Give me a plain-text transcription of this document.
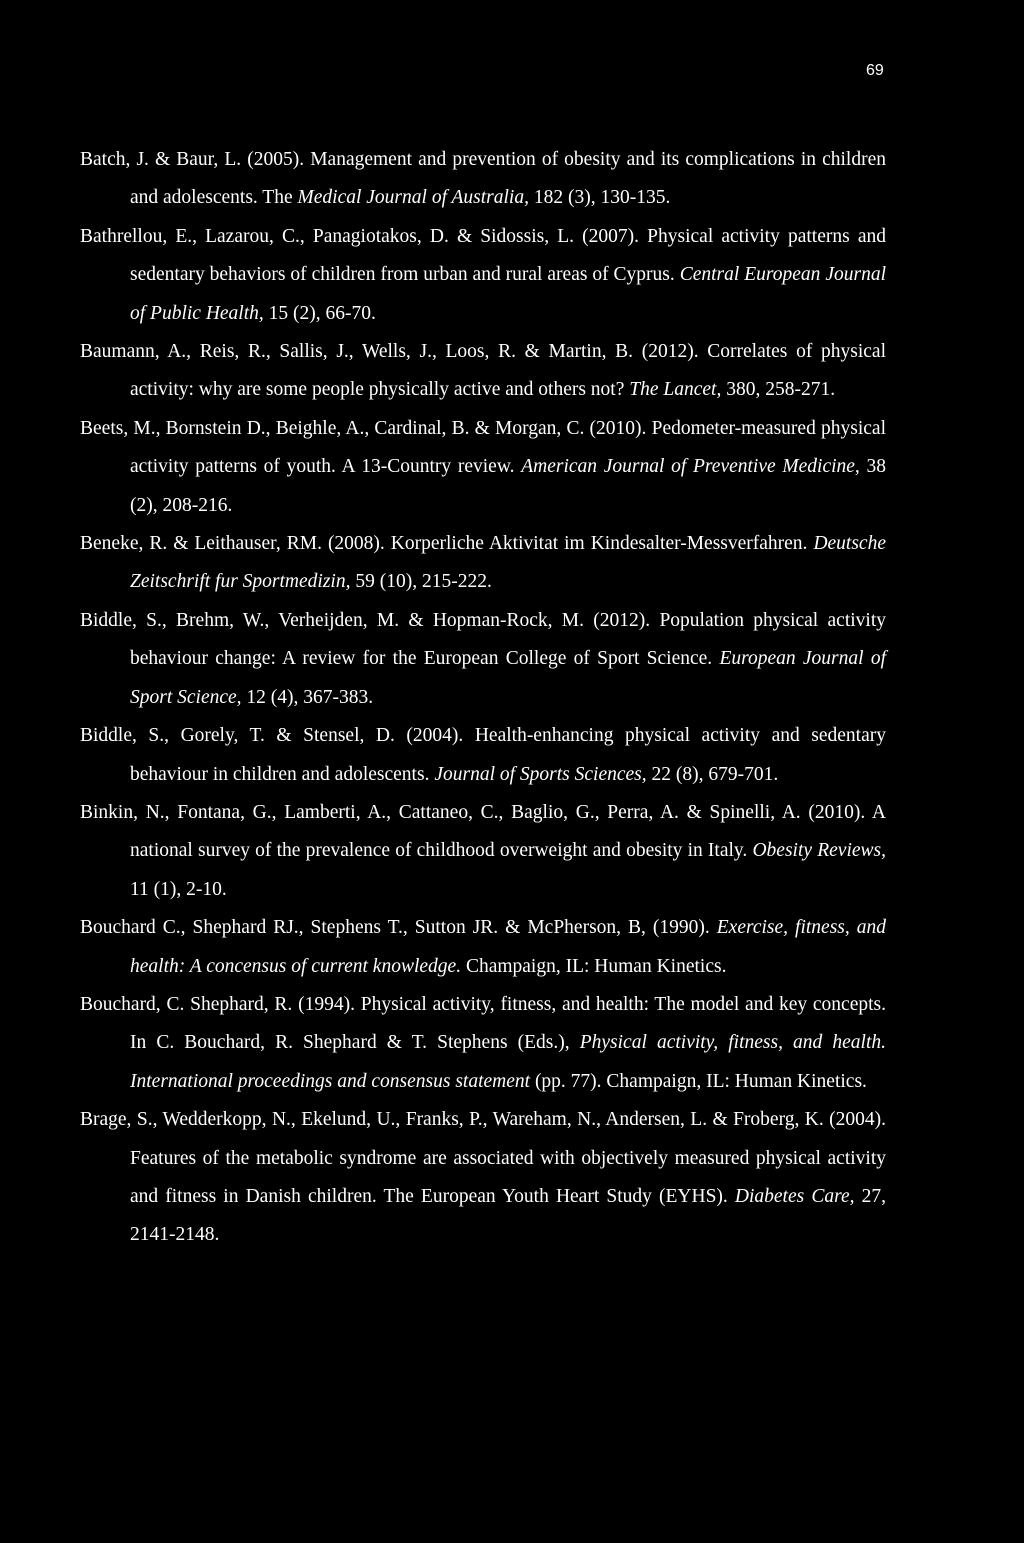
69

Batch, J. & Baur, L. (2005). Management and prevention of obesity and its complications in children and adolescents. The Medical Journal of Australia, 182 (3), 130-135.

Bathrellou, E., Lazarou, C., Panagiotakos, D. & Sidossis, L. (2007). Physical activity patterns and sedentary behaviors of children from urban and rural areas of Cyprus. Central European Journal of Public Health, 15 (2), 66-70.

Baumann, A., Reis, R., Sallis, J., Wells, J., Loos, R. & Martin, B. (2012). Correlates of physical activity: why are some people physically active and others not? The Lancet, 380, 258-271.

Beets, M., Bornstein D., Beighle, A., Cardinal, B. & Morgan, C. (2010). Pedometer-measured physical activity patterns of youth. A 13-Country review. American Journal of Preventive Medicine, 38 (2), 208-216.

Beneke, R. & Leithauser, RM. (2008). Korperliche Aktivitat im Kindesalter-Messverfahren. Deutsche Zeitschrift fur Sportmedizin, 59 (10), 215-222.

Biddle, S., Brehm, W., Verheijden, M. & Hopman-Rock, M. (2012). Population physical activity behaviour change: A review for the European College of Sport Science. European Journal of Sport Science, 12 (4), 367-383.

Biddle, S., Gorely, T. & Stensel, D. (2004). Health-enhancing physical activity and sedentary behaviour in children and adolescents. Journal of Sports Sciences, 22 (8), 679-701.

Binkin, N., Fontana, G., Lamberti, A., Cattaneo, C., Baglio, G., Perra, A. & Spinelli, A. (2010). A national survey of the prevalence of childhood overweight and obesity in Italy. Obesity Reviews, 11 (1), 2-10.

Bouchard C., Shephard RJ., Stephens T., Sutton JR. & McPherson, B, (1990). Exercise, fitness, and health: A concensus of current knowledge. Champaign, IL: Human Kinetics.

Bouchard, C. Shephard, R. (1994). Physical activity, fitness, and health: The model and key concepts. In C. Bouchard, R. Shephard & T. Stephens (Eds.), Physical activity, fitness, and health. International proceedings and consensus statement (pp. 77). Champaign, IL: Human Kinetics.

Brage, S., Wedderkopp, N., Ekelund, U., Franks, P., Wareham, N., Andersen, L. & Froberg, K. (2004). Features of the metabolic syndrome are associated with objectively measured physical activity and fitness in Danish children. The European Youth Heart Study (EYHS). Diabetes Care, 27, 2141-2148.
